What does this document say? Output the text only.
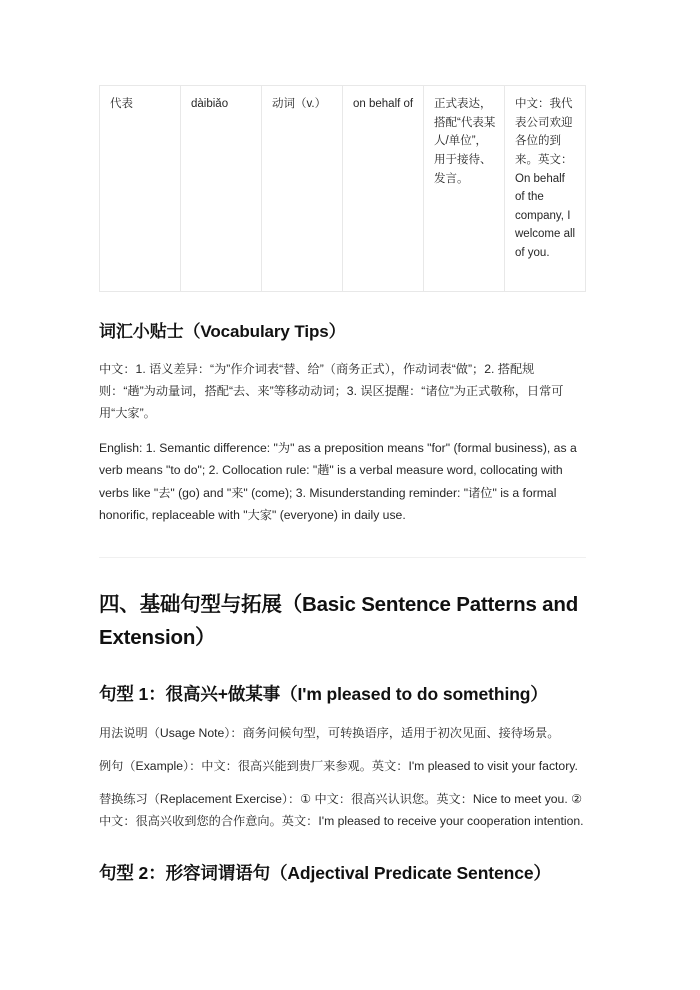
代表	dàibiǎo	动词（v.）	on behalf of	正式表达，搭配“代表某人/单位”，用于接待、发言。	中文：我代表公司欢迎各位的到来。英文：On behalf of the company, I welcome all of you.
词汇小贴士（Vocabulary Tips）

中文：1. 语义差异：“为”作介词表“替、给”（商务正式），作动词表“做”；2. 搭配规则：“趟”为动量词，搭配“去、来”等移动动词；3. 误区提醒：“诸位”为正式敬称，日常可用“大家”。

English: 1. Semantic difference: "为" as a preposition means "for" (formal business), as a verb means "to do"; 2. Collocation rule: "趟" is a verbal measure word, collocating with verbs like "去" (go) and "来" (come); 3. Misunderstanding reminder: "诸位" is a formal honorific, replaceable with "大家" (everyone) in daily use.

四、基础句型与拓展（Basic Sentence Patterns and Extension）
句型 1：很高兴+做某事（I'm pleased to do something）

用法说明（Usage Note）：商务问候句型，可转换语序，适用于初次见面、接待场景。

例句（Example）：中文：很高兴能到贵厂来参观。英文：I'm pleased to visit your factory.

替换练习（Replacement Exercise）：① 中文：很高兴认识您。英文：Nice to meet you. ② 中文：很高兴收到您的合作意向。英文：I'm pleased to receive your cooperation intention.

句型 2：形容词谓语句（Adjectival Predicate Sentence）
